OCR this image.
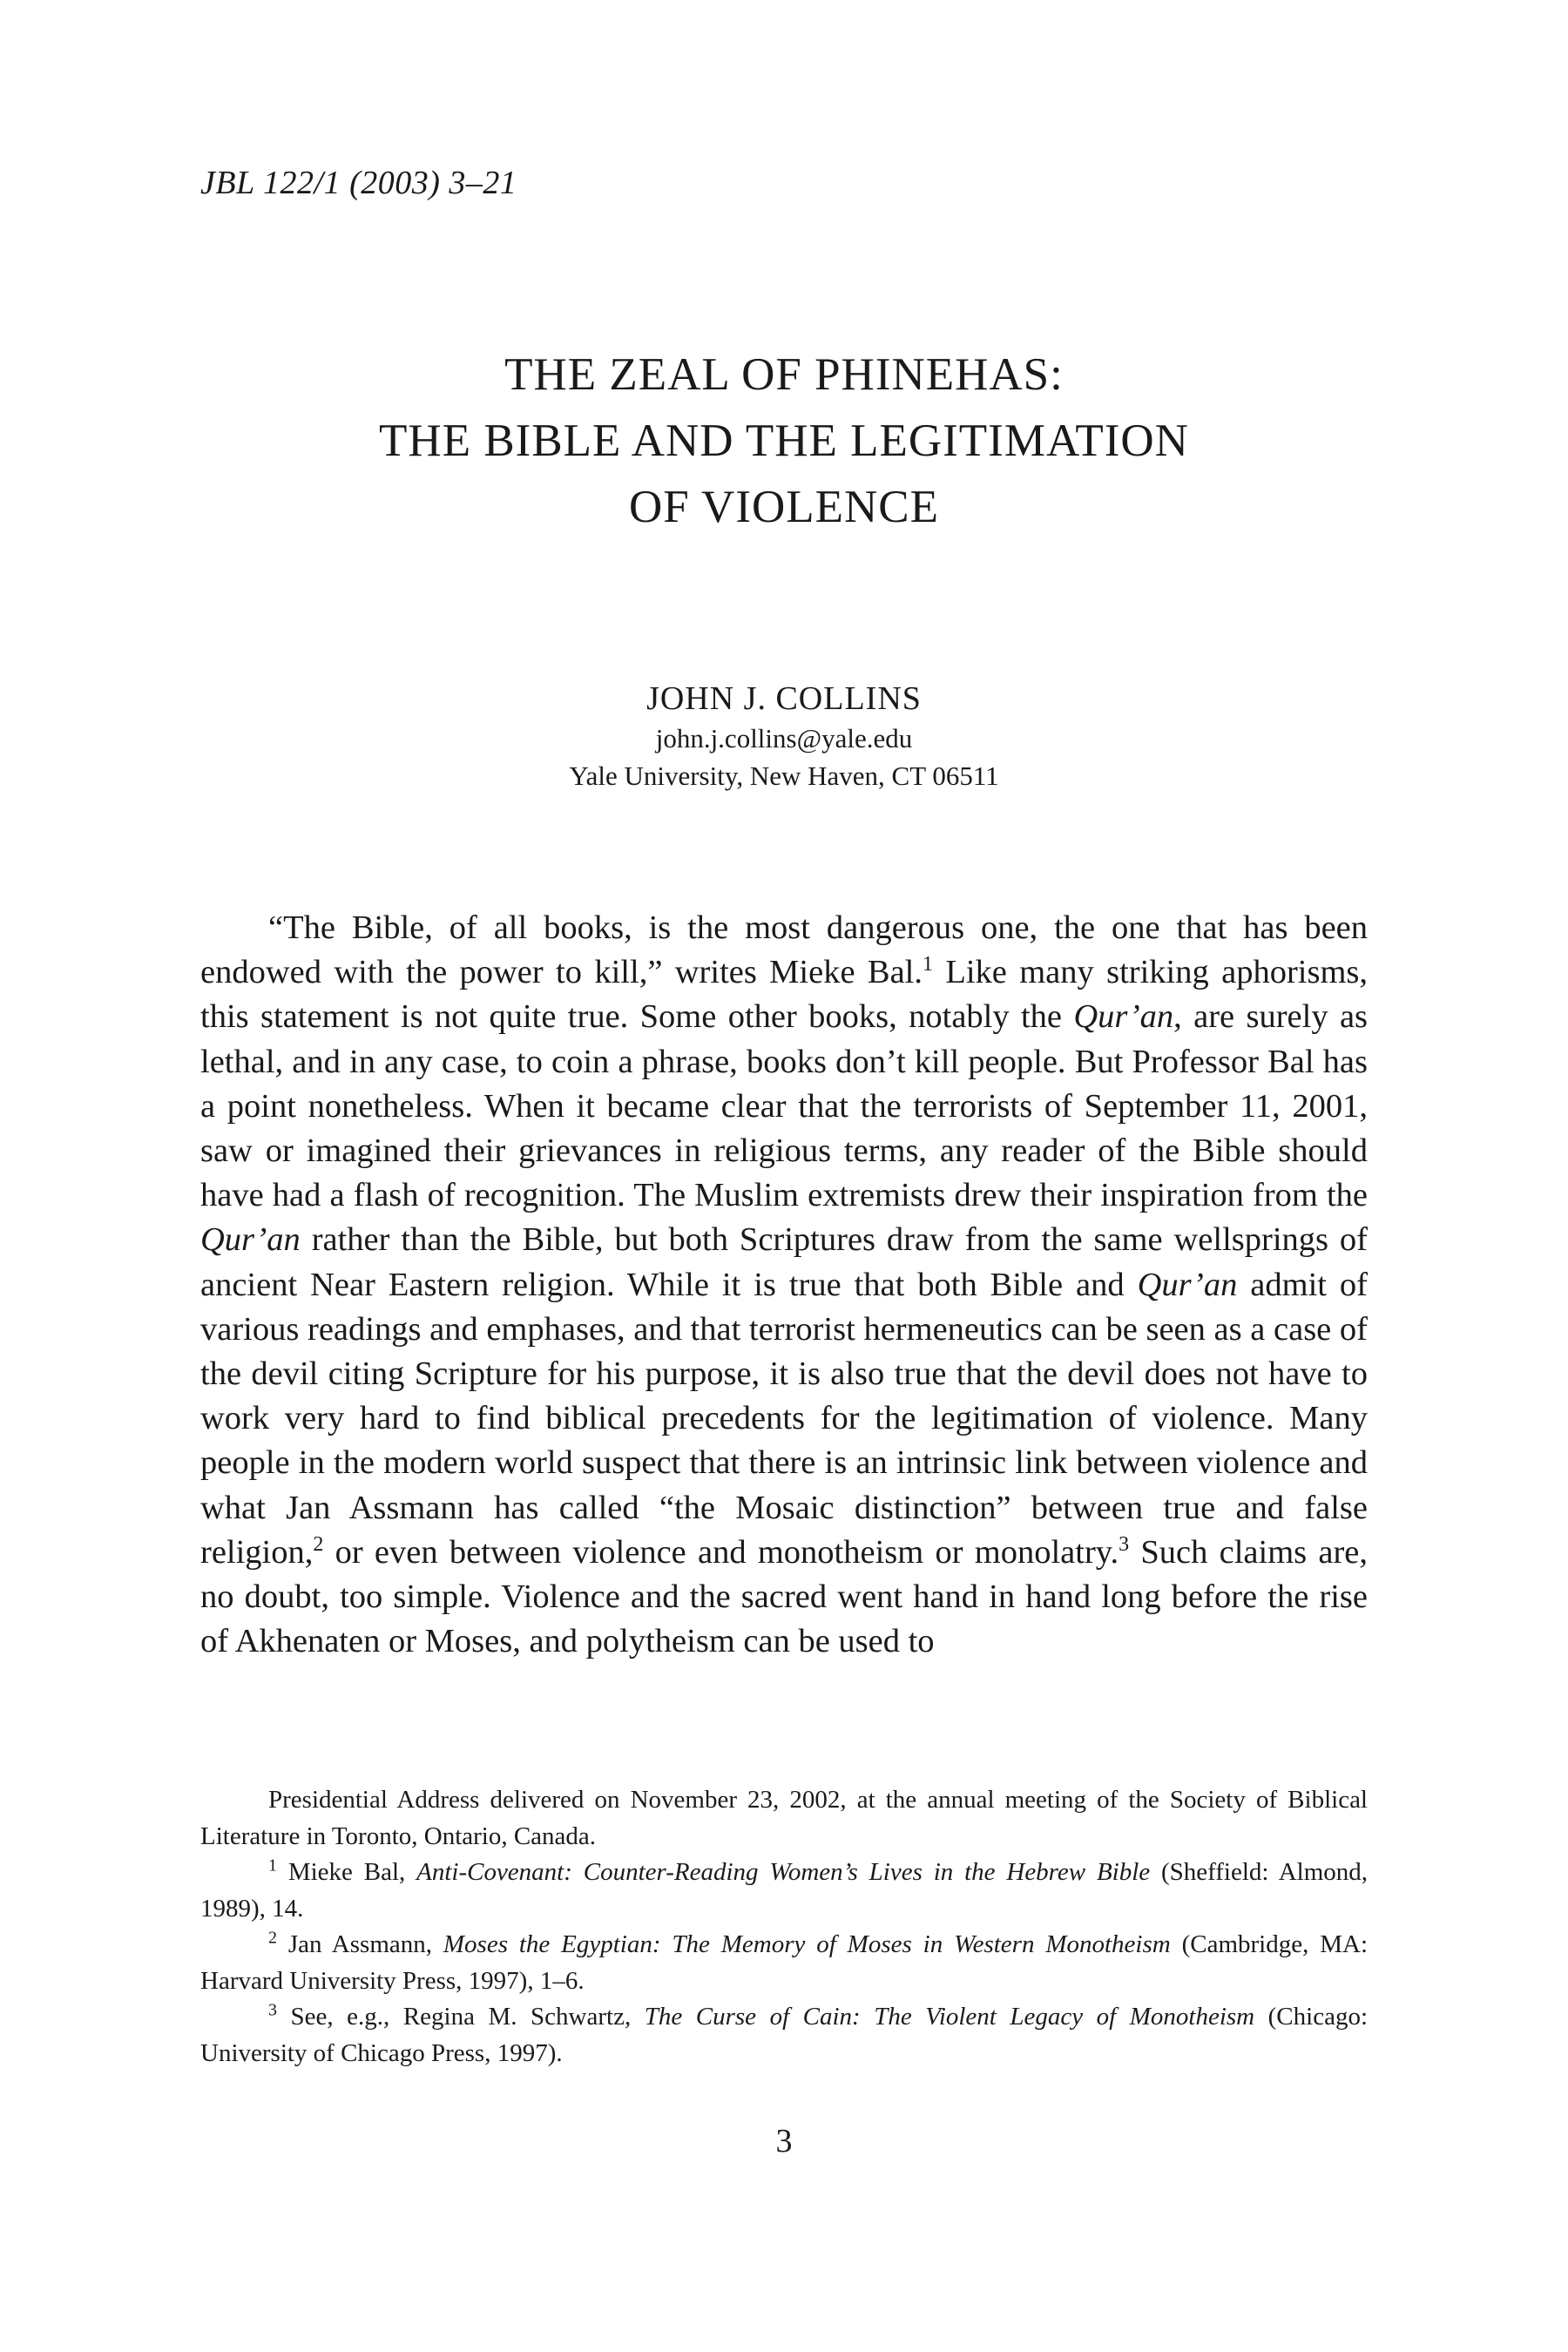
JBL 122/1 (2003) 3–21
THE ZEAL OF PHINEHAS:
THE BIBLE AND THE LEGITIMATION
OF VIOLENCE
JOHN J. COLLINS
john.j.collins@yale.edu
Yale University, New Haven, CT 06511

“The Bible, of all books, is the most dangerous one, the one that has been endowed with the power to kill,” writes Mieke Bal.$^1$ Like many striking aphorisms, this statement is not quite true. Some other books, notably the Qur’an, are surely as lethal, and in any case, to coin a phrase, books don’t kill people. But Professor Bal has a point nonetheless. When it became clear that the terrorists of September 11, 2001, saw or imagined their grievances in religious terms, any reader of the Bible should have had a flash of recognition. The Muslim extremists drew their inspiration from the Qur’an rather than the Bible, but both Scriptures draw from the same wellsprings of ancient Near Eastern religion. While it is true that both Bible and Qur’an admit of various readings and emphases, and that terrorist hermeneutics can be seen as a case of the devil citing Scripture for his purpose, it is also true that the devil does not have to work very hard to find biblical precedents for the legitimation of violence. Many people in the modern world suspect that there is an intrinsic link between violence and what Jan Assmann has called “the Mosaic distinction” between true and false religion,$^2$ or even between violence and monotheism or monolatry.$^3$ Such claims are, no doubt, too simple. Violence and the sacred went hand in hand long before the rise of Akhenaten or Moses, and polytheism can be used to

Presidential Address delivered on November 23, 2002, at the annual meeting of the Society of Biblical Literature in Toronto, Ontario, Canada.

$^1$ Mieke Bal, Anti-Covenant: Counter-Reading Women’s Lives in the Hebrew Bible (Sheffield: Almond, 1989), 14.

$^2$ Jan Assmann, Moses the Egyptian: The Memory of Moses in Western Monotheism (Cambridge, MA: Harvard University Press, 1997), 1–6.

$^3$ See, e.g., Regina M. Schwartz, The Curse of Cain: The Violent Legacy of Monotheism (Chicago: University of Chicago Press, 1997).

3
